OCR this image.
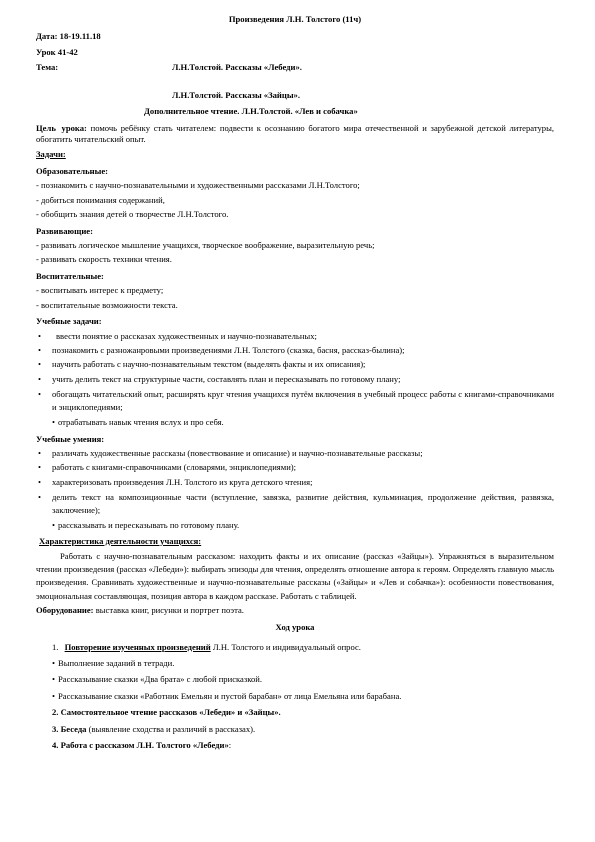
Произведения Л.Н. Толстого (11ч)
Дата: 18-19.11.18
Урок 41-42
Тема:	Л.Н.Толстой. Рассказы «Лебеди».
Л.Н.Толстой. Рассказы «Зайцы».
Дополнительное чтение. Л.Н.Толстой. «Лев и собачка»
Цель урока: помочь ребёнку стать читателем: подвести к осознанию богатого мира отечественной и зарубежной детской литературы, обогатить читательский опыт.
Задачи:
Образовательные:
- познакомить с научно-познавательными и художественными рассказами Л.Н.Толстого;
- добиться понимания содержаний,
- обобщить знания детей о творчестве Л.Н.Толстого.
Развивающие:
- развивать логическое мышление учащихся, творческое воображение, выразительную речь;
- развивать скорость техники чтения.
Воспитательные:
- воспитывать интерес к предмету;
- воспитательные возможности текста.
Учебные задачи:
• ввести понятие о рассказах художественных и научно-познавательных;
• познакомить с разножанровыми произведениями Л.Н. Толстого (сказка, басня, рассказ-былина);
• научить работать с научно-познавательным текстом (выделять факты и их описания);
• учить делить текст на структурные части, составлять план и пересказывать по готовому плану;
• обогащать читательский опыт, расширять круг чтения учащихся путём включения в учебный процесс работы с книгами-справочниками и энциклопедиями;
• отрабатывать навык чтения вслух и про себя.
Учебные умения:
• различать художественные рассказы (повествование и описание) и научно-познавательные рассказы;
• работать с книгами-справочниками (словарями, энциклопедиями);
• характеризовать произведения Л.Н. Толстого из круга детского чтения;
• делить текст на композиционные части (вступление, завязка, развитие действия, кульминация, продолжение действия, развязка, заключение);
• рассказывать и пересказывать по готовому плану.
Характеристика деятельности учащихся:
Работать с научно-познавательным рассказом: находить факты и их описание (рассказ «Зайцы»). Упражняться в выразительном чтении произведения (рассказ «Лебеди»): выбирать эпизоды для чтения, определять отношение автора к героям. Определять главную мысль произведения. Сравнивать художественные и научно-познавательные рассказы («Зайцы» и «Лев и собачка»): особенности повествования, эмоциональная составляющая, позиция автора в каждом рассказе. Работать с таблицей.
Оборудование: выставка книг, рисунки и портрет поэта.
Ход урока
1. Повторение изученных произведений Л.Н. Толстого и индивидуальный опрос.
• Выполнение заданий в тетради.
• Рассказывание сказки «Два брата» с любой присказкой.
• Рассказывание сказки «Работник Емельян и пустой барабан» от лица Емельяна или барабана.
2. Самостоятельное чтение рассказов «Лебеди» и «Зайцы».
3. Беседа (выявление сходства и различий в рассказах).
4. Работа с рассказом Л.Н. Толстого «Лебеди»:
